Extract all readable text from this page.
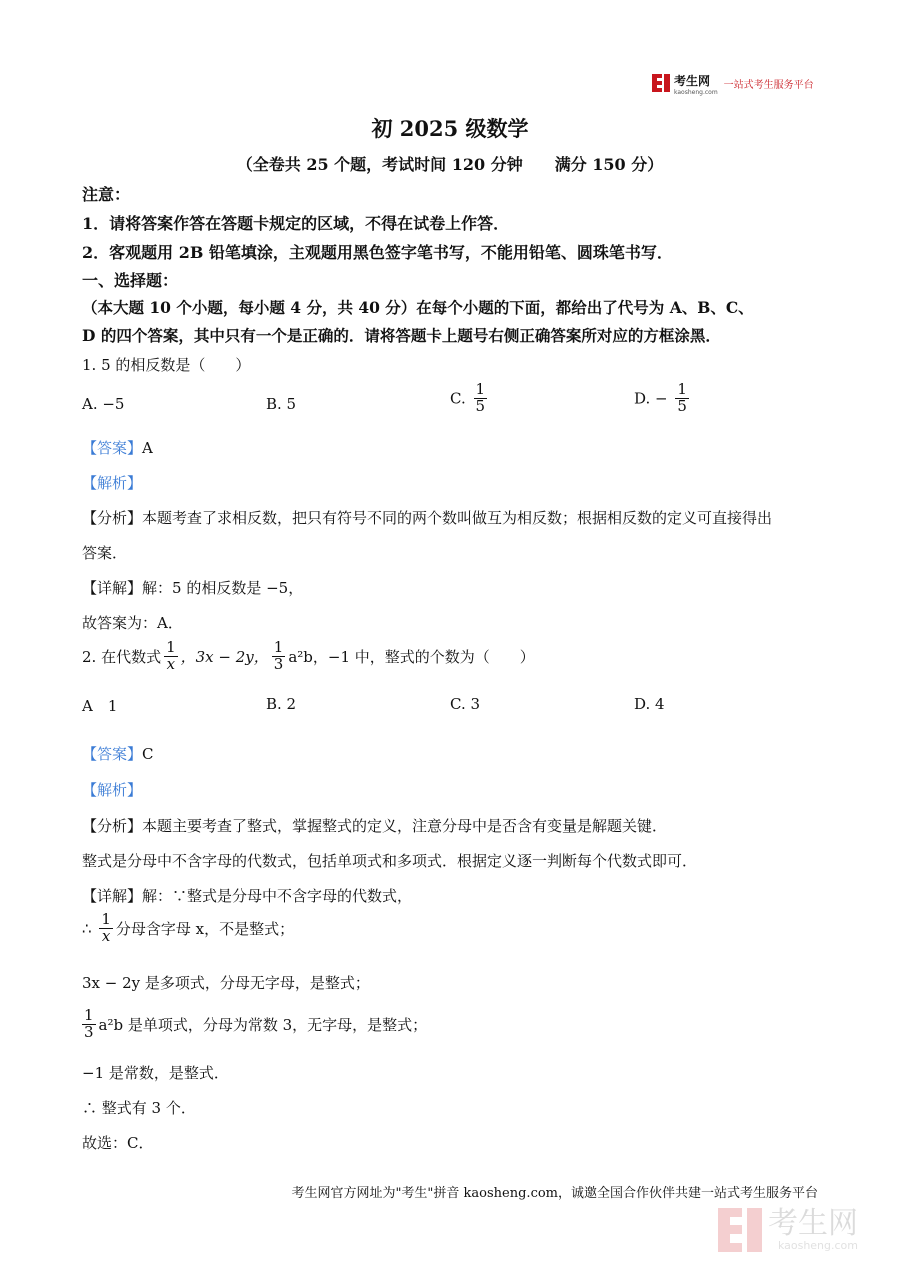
考生网
kaosheng.com
一站式考生服务平台
初 2025 级数学
（全卷共 25 个题，考试时间 120 分钟　　满分 150 分）
注意：
1．请将答案作答在答题卡规定的区域，不得在试卷上作答．
2．客观题用 2B 铅笔填涂，主观题用黑色签字笔书写，不能用铅笔、圆珠笔书写．
一、选择题：
（本大题 10 个小题，每小题 4 分，共 40 分）在每个小题的下面，都给出了代号为 A、B、C、
D 的四个答案，其中只有一个是正确的．请将答题卡上题号右侧正确答案所对应的方框涂黑．
1. 5 的相反数是（　　）
A. −5	B. 5	C. $\frac{1}{5}$	D. − $\frac{1}{5}$
【答案】A
【解析】
【分析】本题考查了求相反数，把只有符号不同的两个数叫做互为相反数；根据相反数的定义可直接得出
答案．
【详解】解：5 的相反数是 −5，
故答案为：A．
2. 在代数式 $\frac{1}{x}$ ，3x − 2y， $\frac{1}{3} a^2b$，−1 中，整式的个数为（　　）
A　1	B. 2	C. 3	D. 4
【答案】C
【解析】
【分析】本题主要考查了整式，掌握整式的定义，注意分母中是否含有变量是解题关键．
整式是分母中不含字母的代数式，包括单项式和多项式．根据定义逐一判断每个代数式即可．
【详解】解：∵整式是分母中不含字母的代数式，
∴ $\frac{1}{x}$ 分母含字母 x，不是整式；
3x − 2y 是多项式，分母无字母，是整式；
$\frac{1}{3} a^2b$ 是单项式，分母为常数 3，无字母，是整式；
−1 是常数，是整式．
∴ 整式有 3 个．
故选：C．
考生网官方网址为"考生"拼音 kaosheng.com，诚邀全国合作伙伴共建一站式考生服务平台
考生网
kaosheng.com
